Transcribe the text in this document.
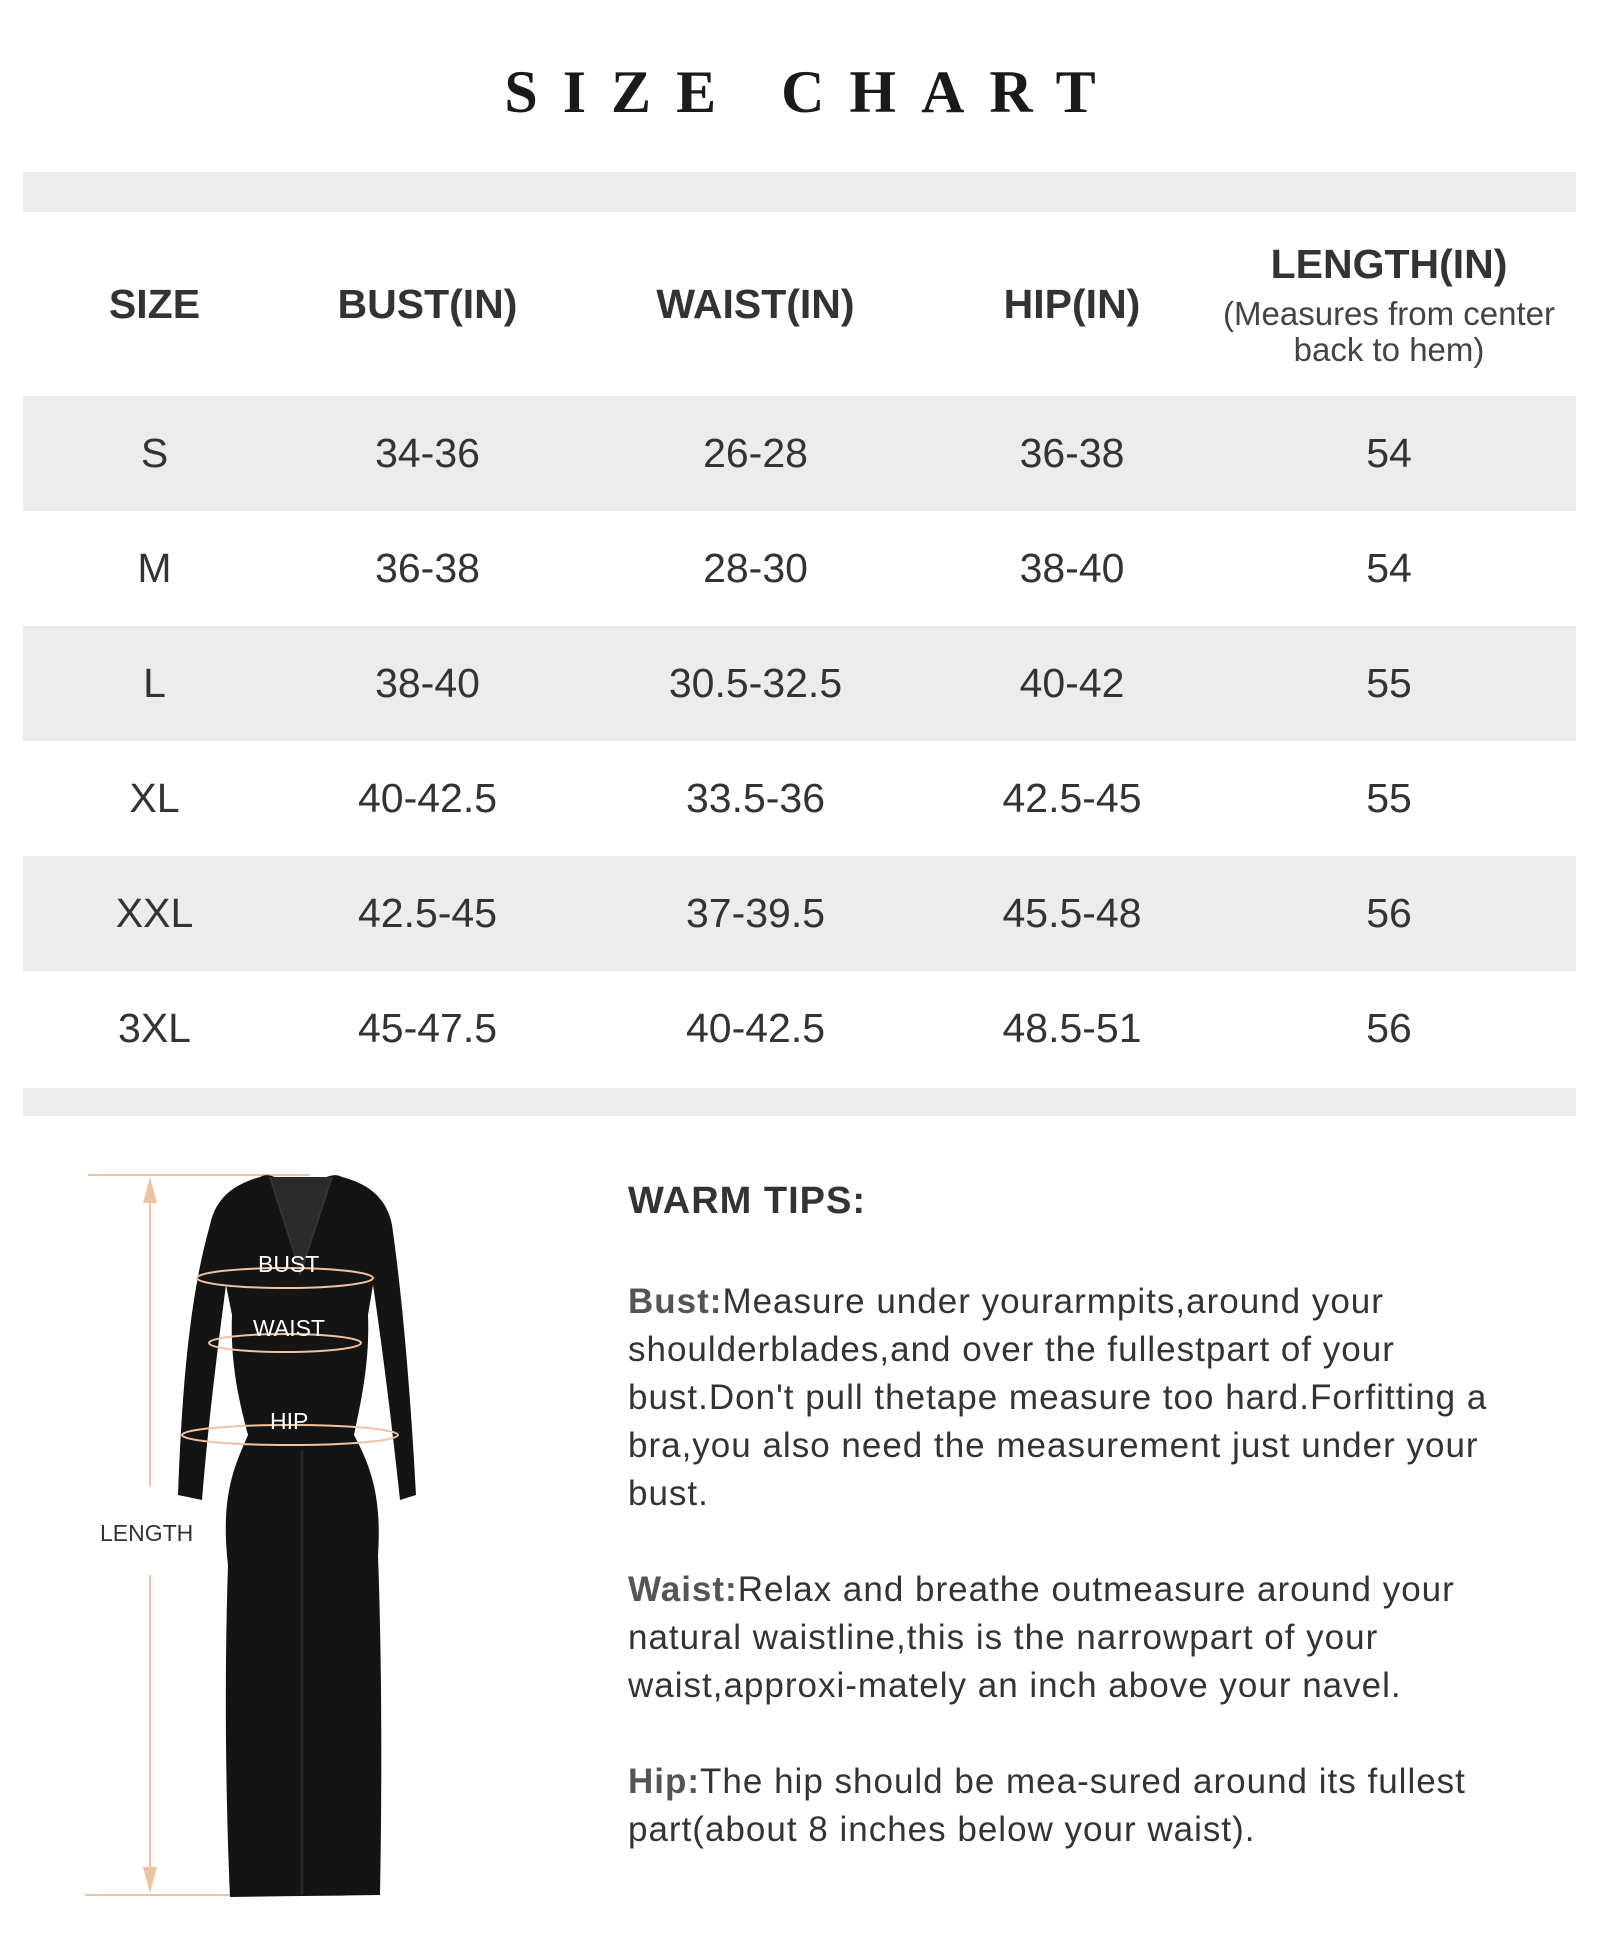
SIZE CHART
SIZE	BUST(IN)	WAIST(IN)	HIP(IN)	LENGTH(IN)
(Measures from center back to hem)

S	34-36	26-28	36-38	54
M	36-38	28-30	38-40	54
L	38-40	30.5-32.5	40-42	55
XL	40-42.5	33.5-36	42.5-45	55
XXL	42.5-45	37-39.5	45.5-48	56
3XL	45-47.5	40-42.5	48.5-51	56
BUST
WAIST
HIP
LENGTH
WARM TIPS:

Bust:Measure under yourarmpits,around your shoulderblades,and over the fullestpart of your bust.Don't pull thetape measure too hard.Forfitting a bra,you also need the measurement just under your bust.

Waist:Relax and breathe outmeasure around your natural waistline,this is the narrowpart of your waist,approxi-mately an inch above your navel.

Hip:The hip should be mea-sured around its fullest part(about 8 inches below your waist).
